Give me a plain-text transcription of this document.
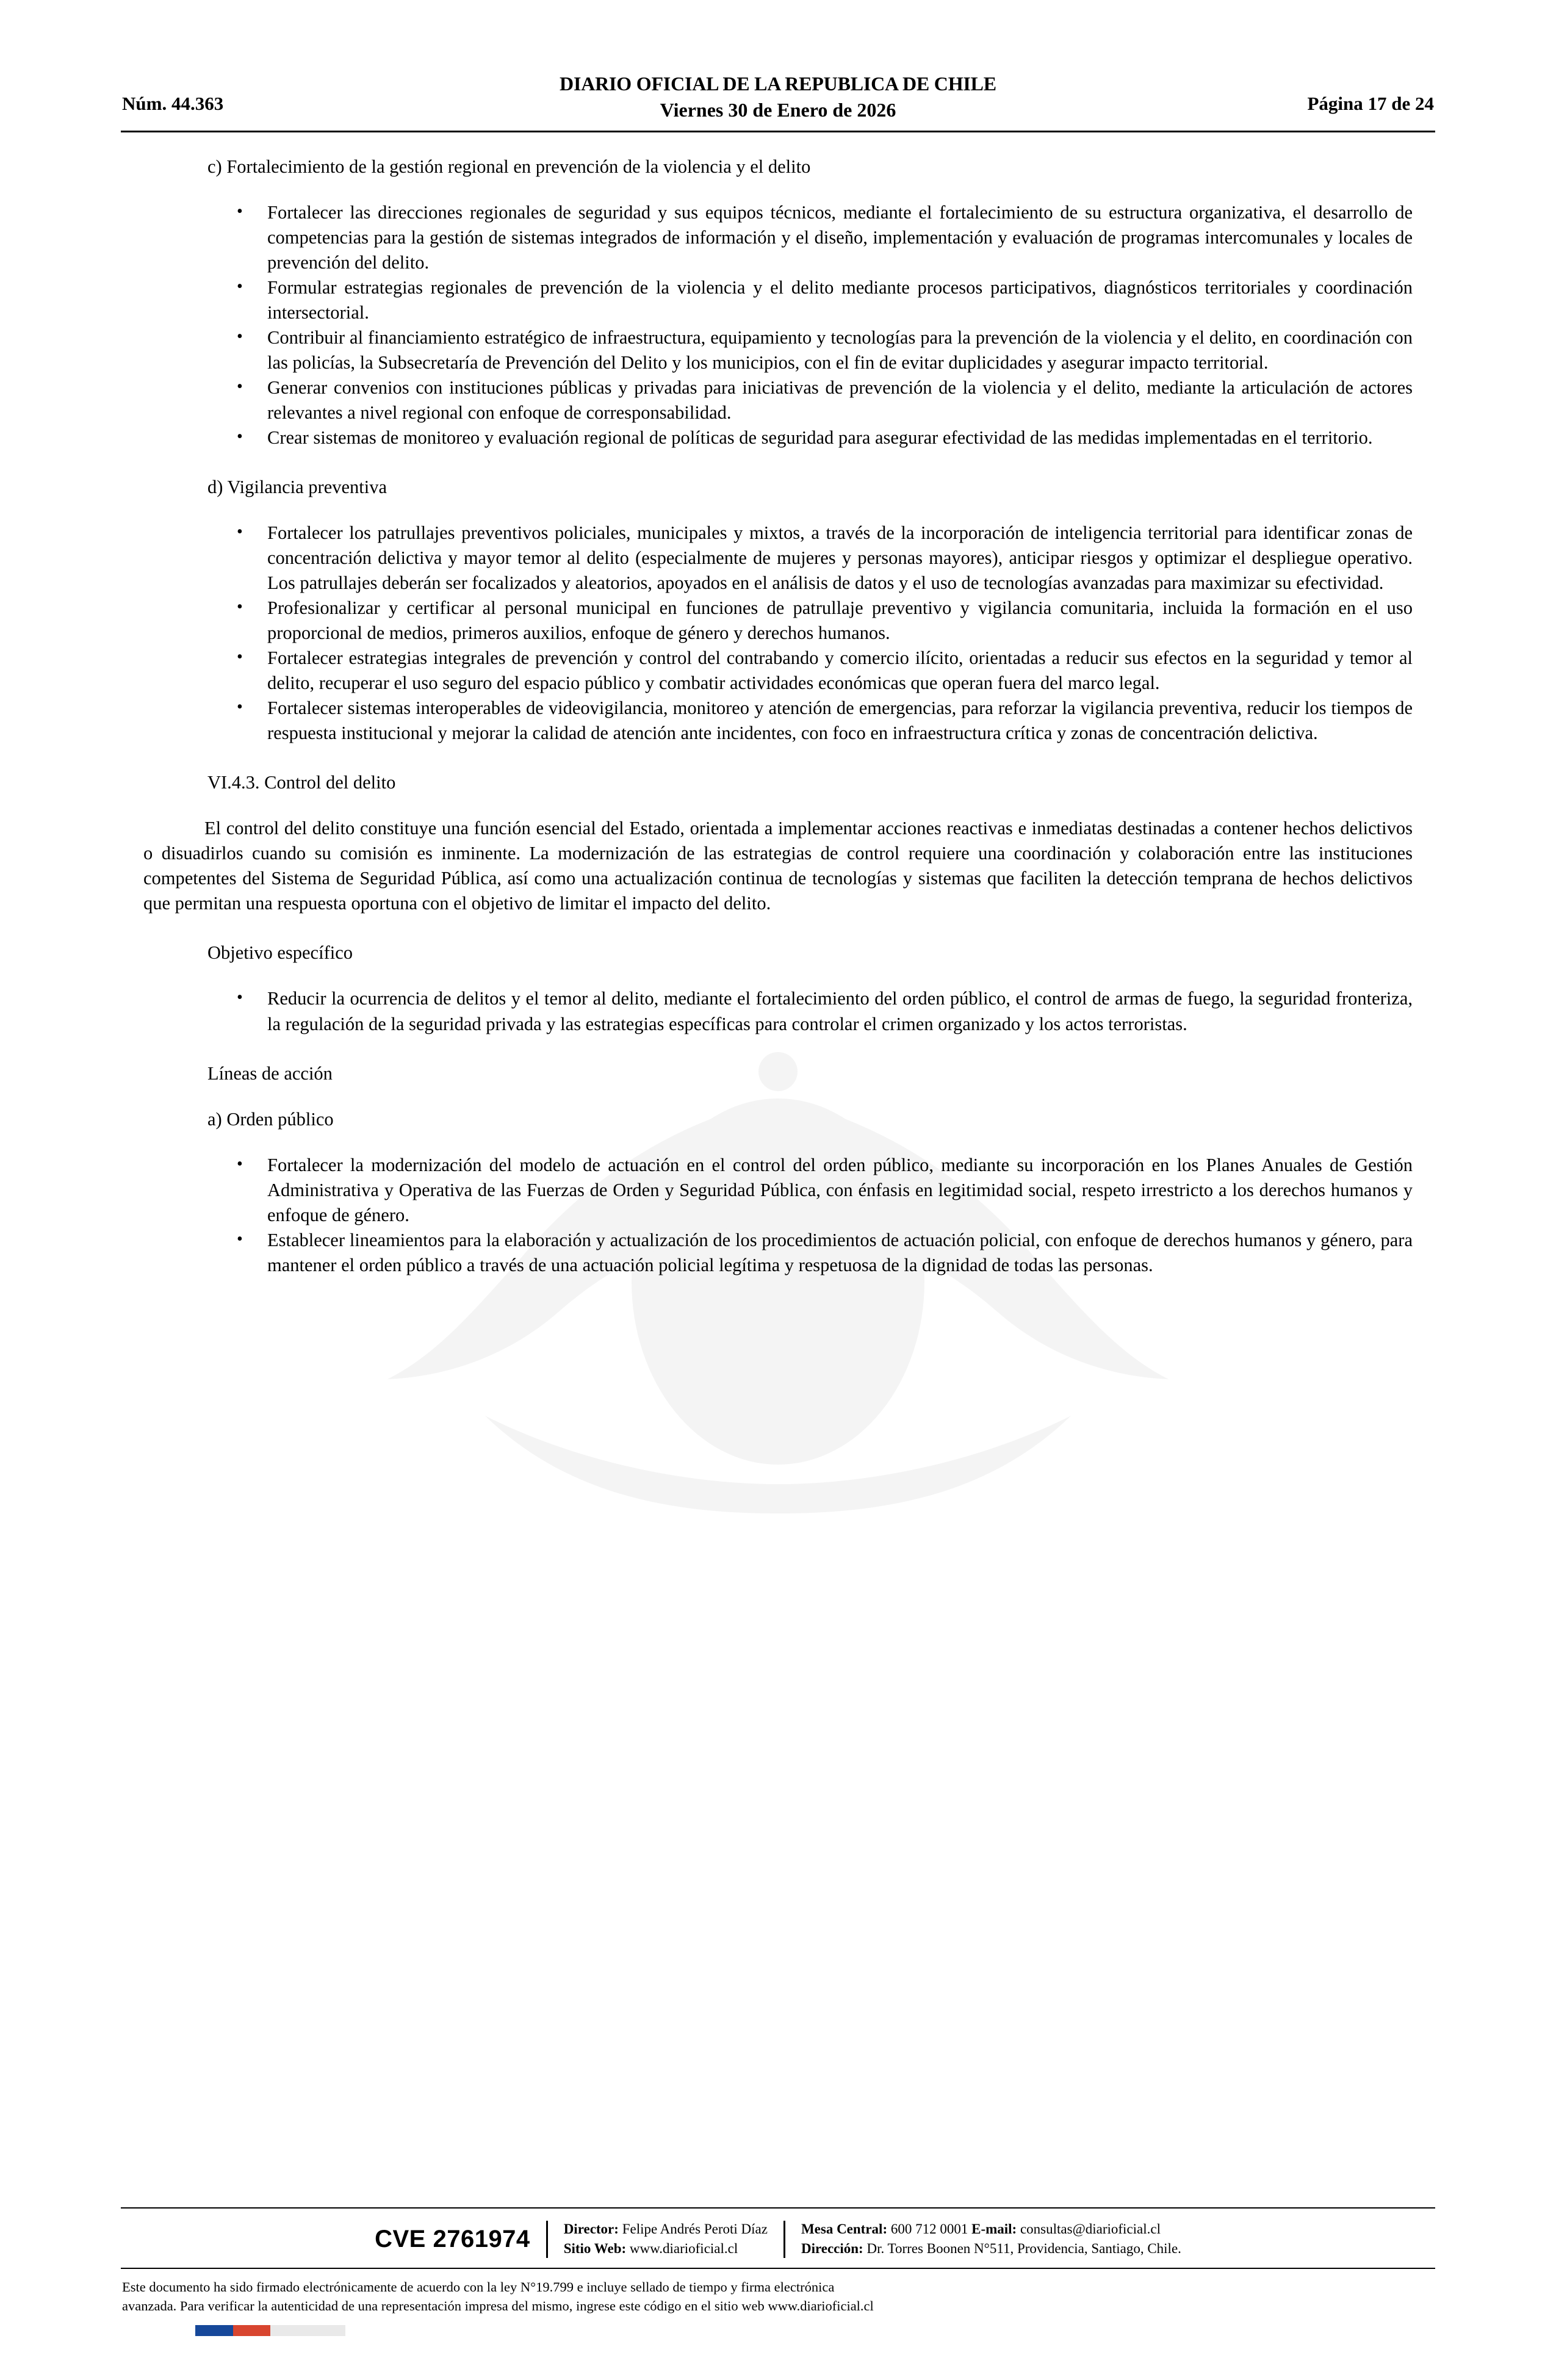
DIARIO OFICIAL DE LA REPUBLICA DE CHILE
Viernes 30 de Enero de 2026
Núm. 44.363	Página 17 de 24

c) Fortalecimiento de la gestión regional en prevención de la violencia y el delito

• Fortalecer las direcciones regionales de seguridad y sus equipos técnicos, mediante el fortalecimiento de su estructura organizativa, el desarrollo de competencias para la gestión de sistemas integrados de información y el diseño, implementación y evaluación de programas intercomunales y locales de prevención del delito.
• Formular estrategias regionales de prevención de la violencia y el delito mediante procesos participativos, diagnósticos territoriales y coordinación intersectorial.
• Contribuir al financiamiento estratégico de infraestructura, equipamiento y tecnologías para la prevención de la violencia y el delito, en coordinación con las policías, la Subsecretaría de Prevención del Delito y los municipios, con el fin de evitar duplicidades y asegurar impacto territorial.
• Generar convenios con instituciones públicas y privadas para iniciativas de prevención de la violencia y el delito, mediante la articulación de actores relevantes a nivel regional con enfoque de corresponsabilidad.
• Crear sistemas de monitoreo y evaluación regional de políticas de seguridad para asegurar efectividad de las medidas implementadas en el territorio.

d) Vigilancia preventiva

• Fortalecer los patrullajes preventivos policiales, municipales y mixtos, a través de la incorporación de inteligencia territorial para identificar zonas de concentración delictiva y mayor temor al delito (especialmente de mujeres y personas mayores), anticipar riesgos y optimizar el despliegue operativo. Los patrullajes deberán ser focalizados y aleatorios, apoyados en el análisis de datos y el uso de tecnologías avanzadas para maximizar su efectividad.
• Profesionalizar y certificar al personal municipal en funciones de patrullaje preventivo y vigilancia comunitaria, incluida la formación en el uso proporcional de medios, primeros auxilios, enfoque de género y derechos humanos.
• Fortalecer estrategias integrales de prevención y control del contrabando y comercio ilícito, orientadas a reducir sus efectos en la seguridad y temor al delito, recuperar el uso seguro del espacio público y combatir actividades económicas que operan fuera del marco legal.
• Fortalecer sistemas interoperables de videovigilancia, monitoreo y atención de emergencias, para reforzar la vigilancia preventiva, reducir los tiempos de respuesta institucional y mejorar la calidad de atención ante incidentes, con foco en infraestructura crítica y zonas de concentración delictiva.

VI.4.3. Control del delito

El control del delito constituye una función esencial del Estado, orientada a implementar acciones reactivas e inmediatas destinadas a contener hechos delictivos o disuadirlos cuando su comisión es inminente. La modernización de las estrategias de control requiere una coordinación y colaboración entre las instituciones competentes del Sistema de Seguridad Pública, así como una actualización continua de tecnologías y sistemas que faciliten la detección temprana de hechos delictivos que permitan una respuesta oportuna con el objetivo de limitar el impacto del delito.

Objetivo específico

• Reducir la ocurrencia de delitos y el temor al delito, mediante el fortalecimiento del orden público, el control de armas de fuego, la seguridad fronteriza, la regulación de la seguridad privada y las estrategias específicas para controlar el crimen organizado y los actos terroristas.

Líneas de acción

a) Orden público

• Fortalecer la modernización del modelo de actuación en el control del orden público, mediante su incorporación en los Planes Anuales de Gestión Administrativa y Operativa de las Fuerzas de Orden y Seguridad Pública, con énfasis en legitimidad social, respeto irrestricto a los derechos humanos y enfoque de género.
• Establecer lineamientos para la elaboración y actualización de los procedimientos de actuación policial, con enfoque de derechos humanos y género, para mantener el orden público a través de una actuación policial legítima y respetuosa de la dignidad de todas las personas.
CVE 2761974 Director: Felipe Andrés Peroti Díaz
Sitio Web: www.diarioficial.cl
Mesa Central: 600 712 0001 E-mail: consultas@diarioficial.cl
Dirección: Dr. Torres Boonen N°511, Providencia, Santiago, Chile.
Este documento ha sido firmado electrónicamente de acuerdo con la ley N°19.799 e incluye sellado de tiempo y firma electrónica
avanzada. Para verificar la autenticidad de una representación impresa del mismo, ingrese este código en el sitio web www.diarioficial.cl
